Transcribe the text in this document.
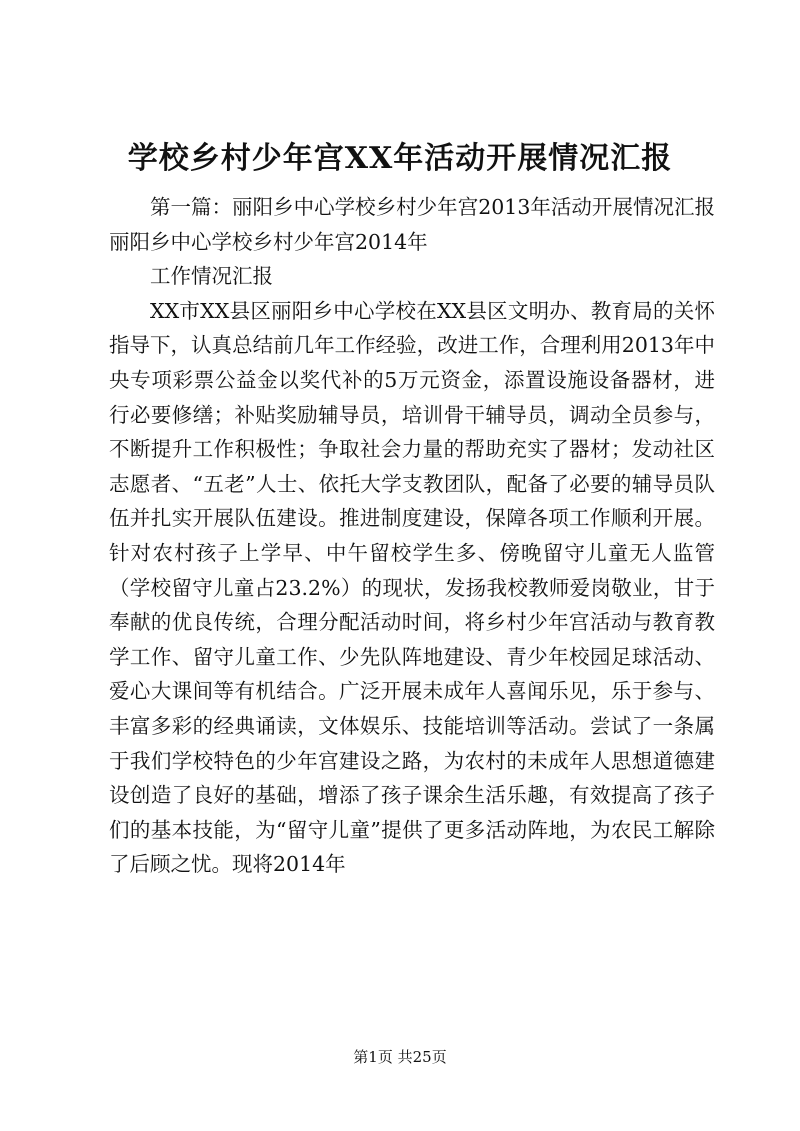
学校乡村少年宫XX年活动开展情况汇报

第一篇：丽阳乡中心学校乡村少年宫2013年活动开展情况汇报丽阳乡中心学校乡村少年宫2014年

工作情况汇报

XX市XX县区丽阳乡中心学校在XX县区文明办、教育局的关怀指导下，认真总结前几年工作经验，改进工作，合理利用2013年中央专项彩票公益金以奖代补的5万元资金，添置设施设备器材，进行必要修缮；补贴奖励辅导员，培训骨干辅导员，调动全员参与，不断提升工作积极性；争取社会力量的帮助充实了器材；发动社区志愿者、“五老”人士、依托大学支教团队，配备了必要的辅导员队伍并扎实开展队伍建设。推进制度建设，保障各项工作顺利开展。针对农村孩子上学早、中午留校学生多、傍晚留守儿童无人监管（学校留守儿童占23.2%）的现状，发扬我校教师爱岗敬业，甘于奉献的优良传统，合理分配活动时间，将乡村少年宫活动与教育教学工作、留守儿童工作、少先队阵地建设、青少年校园足球活动、爱心大课间等有机结合。广泛开展未成年人喜闻乐见，乐于参与、丰富多彩的经典诵读，文体娱乐、技能培训等活动。尝试了一条属于我们学校特色的少年宫建设之路，为农村的未成年人思想道德建设创造了良好的基础，增添了孩子课余生活乐趣，有效提高了孩子们的基本技能，为“留守儿童”提供了更多活动阵地，为农民工解除了后顾之忧。现将2014年

第1页 共25页
